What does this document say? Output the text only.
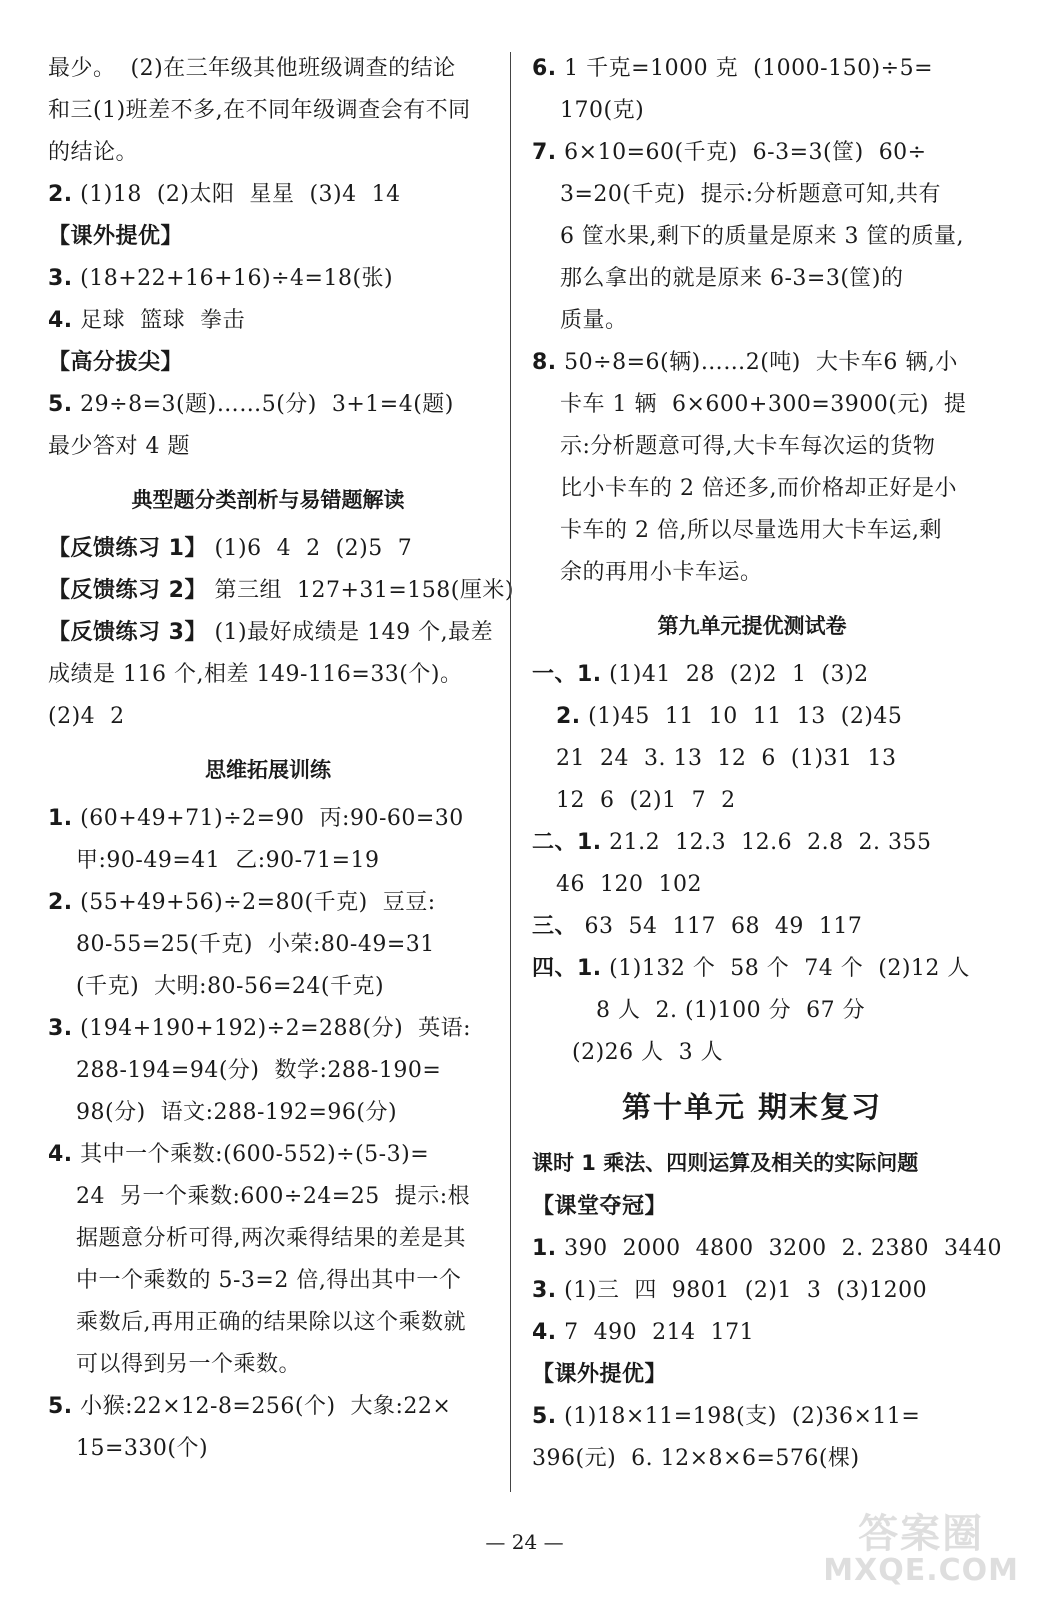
最少。  (2)在三年级其他班级调查的结论
和三(1)班差不多,在不同年级调查会有不同
的结论。
2. (1)18  (2)太阳  星星  (3)4  14
【课外提优】
3. (18+22+16+16)÷4=18(张)
4. 足球  篮球  拳击
【高分拔尖】
5. 29÷8=3(题)……5(分)  3+1=4(题)
最少答对 4 题
典型题分类剖析与易错题解读
【反馈练习 1】 (1)6  4  2  (2)5  7
【反馈练习 2】 第三组  127+31=158(厘米)
【反馈练习 3】 (1)最好成绩是 149 个,最差
成绩是 116 个,相差 149-116=33(个)。
(2)4  2
思维拓展训练
1. (60+49+71)÷2=90  丙:90-60=30
甲:90-49=41  乙:90-71=19
2. (55+49+56)÷2=80(千克)  豆豆:
80-55=25(千克)  小荣:80-49=31
(千克)  大明:80-56=24(千克)
3. (194+190+192)÷2=288(分)  英语:
288-194=94(分)  数学:288-190=
98(分)  语文:288-192=96(分)
4. 其中一个乘数:(600-552)÷(5-3)=
24  另一个乘数:600÷24=25  提示:根
据题意分析可得,两次乘得结果的差是其
中一个乘数的 5-3=2 倍,得出其中一个
乘数后,再用正确的结果除以这个乘数就
可以得到另一个乘数。
5. 小猴:22×12-8=256(个)  大象:22×
15=330(个)
6. 1 千克=1000 克  (1000-150)÷5=
170(克)
7. 6×10=60(千克)  6-3=3(筐)  60÷
3=20(千克)  提示:分析题意可知,共有
6 筐水果,剩下的质量是原来 3 筐的质量,
那么拿出的就是原来 6-3=3(筐)的
质量。
8. 50÷8=6(辆)……2(吨)  大卡车6 辆,小
卡车 1 辆  6×600+300=3900(元)  提
示:分析题意可得,大卡车每次运的货物
比小卡车的 2 倍还多,而价格却正好是小
卡车的 2 倍,所以尽量选用大卡车运,剩
余的再用小卡车运。
第九单元提优测试卷
一、1. (1)41  28  (2)2  1  (3)2
2. (1)45  11  10  11  13  (2)45
21  24  3. 13  12  6  (1)31  13
12  6  (2)1  7  2
二、1. 21.2  12.3  12.6  2.8  2. 355
46  120  102
三、 63  54  117  68  49  117
四、1. (1)132 个  58 个  74 个  (2)12 人
8 人  2. (1)100 分  67 分
(2)26 人  3 人
第十单元 期末复习
课时 1 乘法、四则运算及相关的实际问题
【课堂夺冠】
1. 390  2000  4800  3200  2. 2380  3440
3. (1)三  四  9801  (2)1  3  (3)1200
4. 7  490  214  171
【课外提优】
5. (1)18×11=198(支)  (2)36×11=
396(元)  6. 12×8×6=576(棵)
— 24 —	答案圈
MXQE.COM
